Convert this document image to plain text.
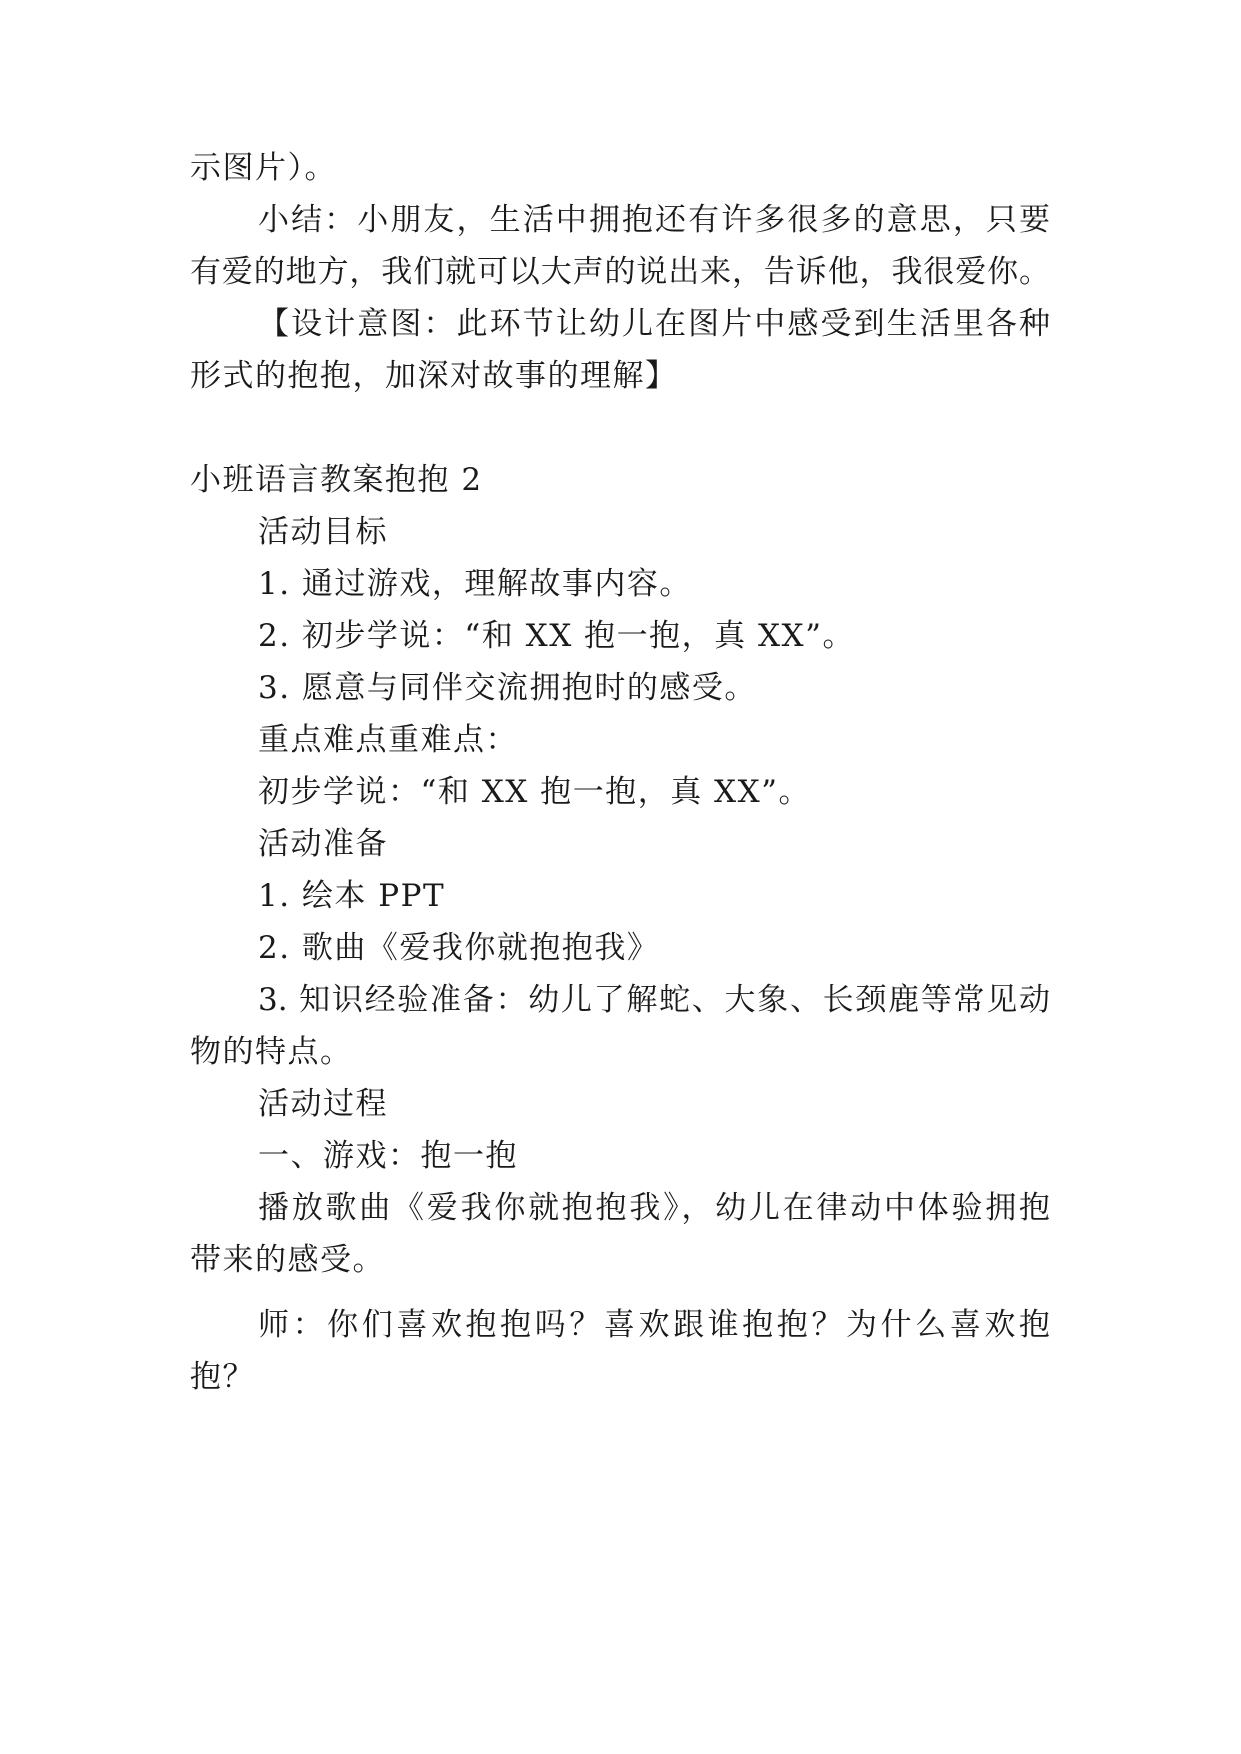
示图片）。
小结：小朋友，生活中拥抱还有许多很多的意思，只要
有爱的地方，我们就可以大声的说出来，告诉他，我很爱你。
【设计意图：此环节让幼儿在图片中感受到生活里各种
形式的抱抱，加深对故事的理解】
小班语言教案抱抱 2
活动目标
1. 通过游戏，理解故事内容。
2. 初步学说：“和 XX 抱一抱，真 XX”。
3. 愿意与同伴交流拥抱时的感受。
重点难点重难点：
初步学说：“和 XX 抱一抱，真 XX”。
活动准备
1. 绘本 PPT
2. 歌曲《爱我你就抱抱我》
3. 知识经验准备：幼儿了解蛇、大象、长颈鹿等常见动
物的特点。
活动过程
一、游戏：抱一抱
播放歌曲《爱我你就抱抱我》，幼儿在律动中体验拥抱
带来的感受。
师：你们喜欢抱抱吗？喜欢跟谁抱抱？为什么喜欢抱
抱？
